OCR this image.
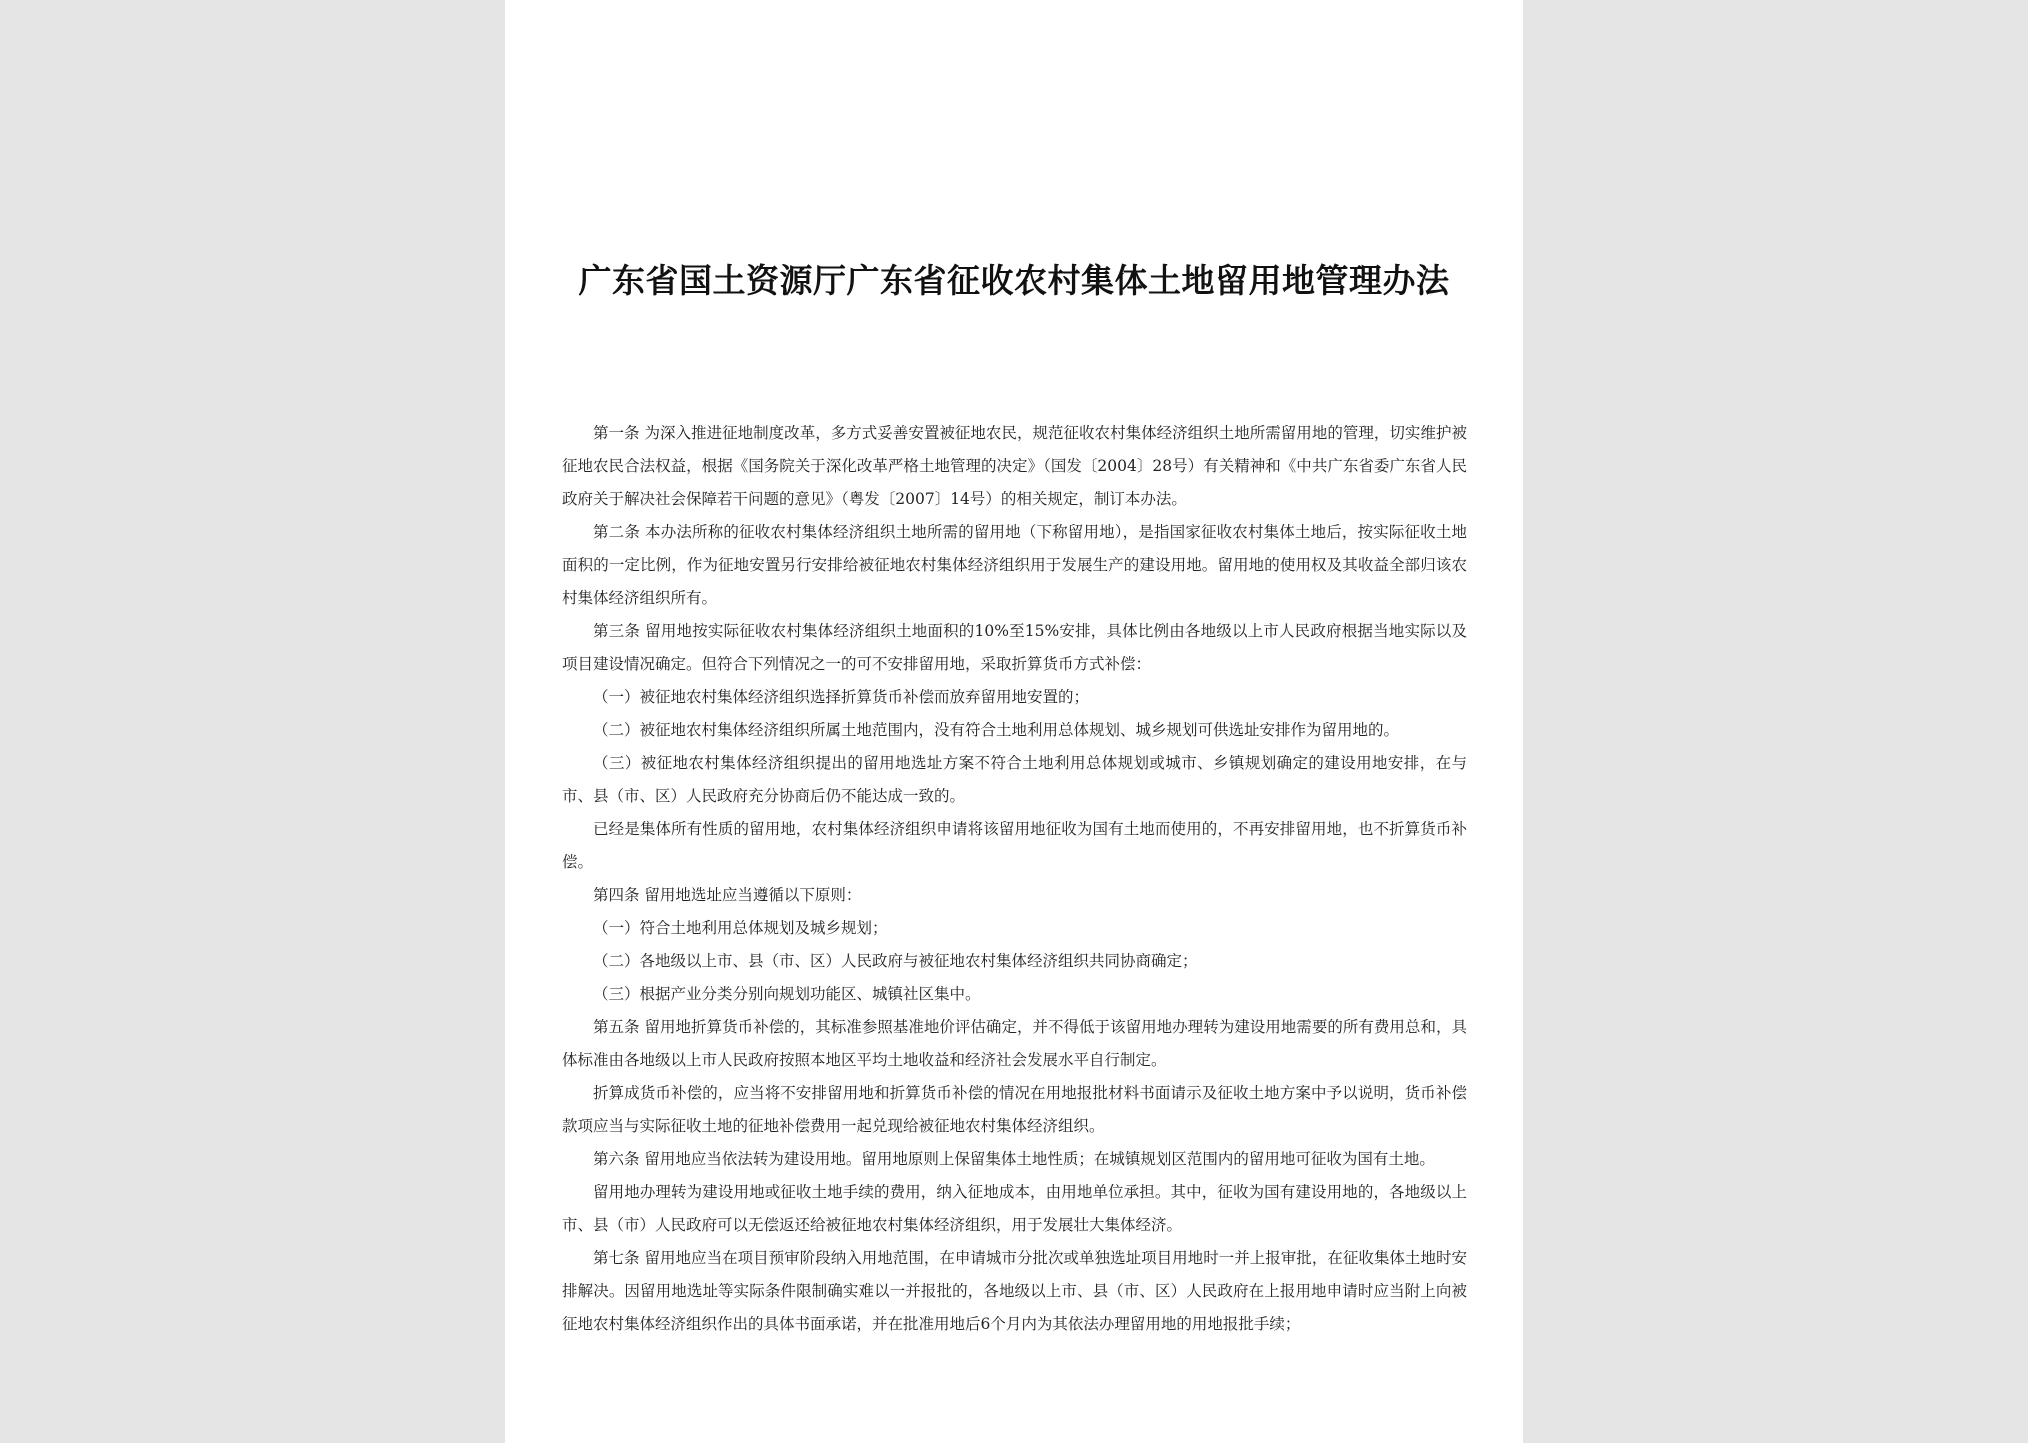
广东省国土资源厅广东省征收农村集体土地留用地管理办法

第一条 为深入推进征地制度改革，多方式妥善安置被征地农民，规范征收农村集体经济组织土地所需留用地的管理，切实维护被征地农民合法权益，根据《国务院关于深化改革严格土地管理的决定》（国发〔2004〕28号）有关精神和《中共广东省委广东省人民政府关于解决社会保障若干问题的意见》（粤发〔2007〕14号）的相关规定，制订本办法。

第二条 本办法所称的征收农村集体经济组织土地所需的留用地（下称留用地），是指国家征收农村集体土地后，按实际征收土地面积的一定比例，作为征地安置另行安排给被征地农村集体经济组织用于发展生产的建设用地。留用地的使用权及其收益全部归该农村集体经济组织所有。

第三条 留用地按实际征收农村集体经济组织土地面积的10%至15%安排，具体比例由各地级以上市人民政府根据当地实际以及项目建设情况确定。但符合下列情况之一的可不安排留用地，采取折算货币方式补偿：

（一）被征地农村集体经济组织选择折算货币补偿而放弃留用地安置的；

（二）被征地农村集体经济组织所属土地范围内，没有符合土地利用总体规划、城乡规划可供选址安排作为留用地的。

（三）被征地农村集体经济组织提出的留用地选址方案不符合土地利用总体规划或城市、乡镇规划确定的建设用地安排，在与市、县（市、区）人民政府充分协商后仍不能达成一致的。

已经是集体所有性质的留用地，农村集体经济组织申请将该留用地征收为国有土地而使用的，不再安排留用地，也不折算货币补偿。

第四条 留用地选址应当遵循以下原则：

（一）符合土地利用总体规划及城乡规划；

（二）各地级以上市、县（市、区）人民政府与被征地农村集体经济组织共同协商确定；

（三）根据产业分类分别向规划功能区、城镇社区集中。

第五条 留用地折算货币补偿的，其标准参照基准地价评估确定，并不得低于该留用地办理转为建设用地需要的所有费用总和，具体标准由各地级以上市人民政府按照本地区平均土地收益和经济社会发展水平自行制定。

折算成货币补偿的，应当将不安排留用地和折算货币补偿的情况在用地报批材料书面请示及征收土地方案中予以说明，货币补偿款项应当与实际征收土地的征地补偿费用一起兑现给被征地农村集体经济组织。

第六条 留用地应当依法转为建设用地。留用地原则上保留集体土地性质；在城镇规划区范围内的留用地可征收为国有土地。

留用地办理转为建设用地或征收土地手续的费用，纳入征地成本，由用地单位承担。其中，征收为国有建设用地的，各地级以上市、县（市）人民政府可以无偿返还给被征地农村集体经济组织，用于发展壮大集体经济。

第七条 留用地应当在项目预审阶段纳入用地范围，在申请城市分批次或单独选址项目用地时一并上报审批，在征收集体土地时安排解决。因留用地选址等实际条件限制确实难以一并报批的，各地级以上市、县（市、区）人民政府在上报用地申请时应当附上向被征地农村集体经济组织作出的具体书面承诺，并在批准用地后6个月内为其依法办理留用地的用地报批手续；
